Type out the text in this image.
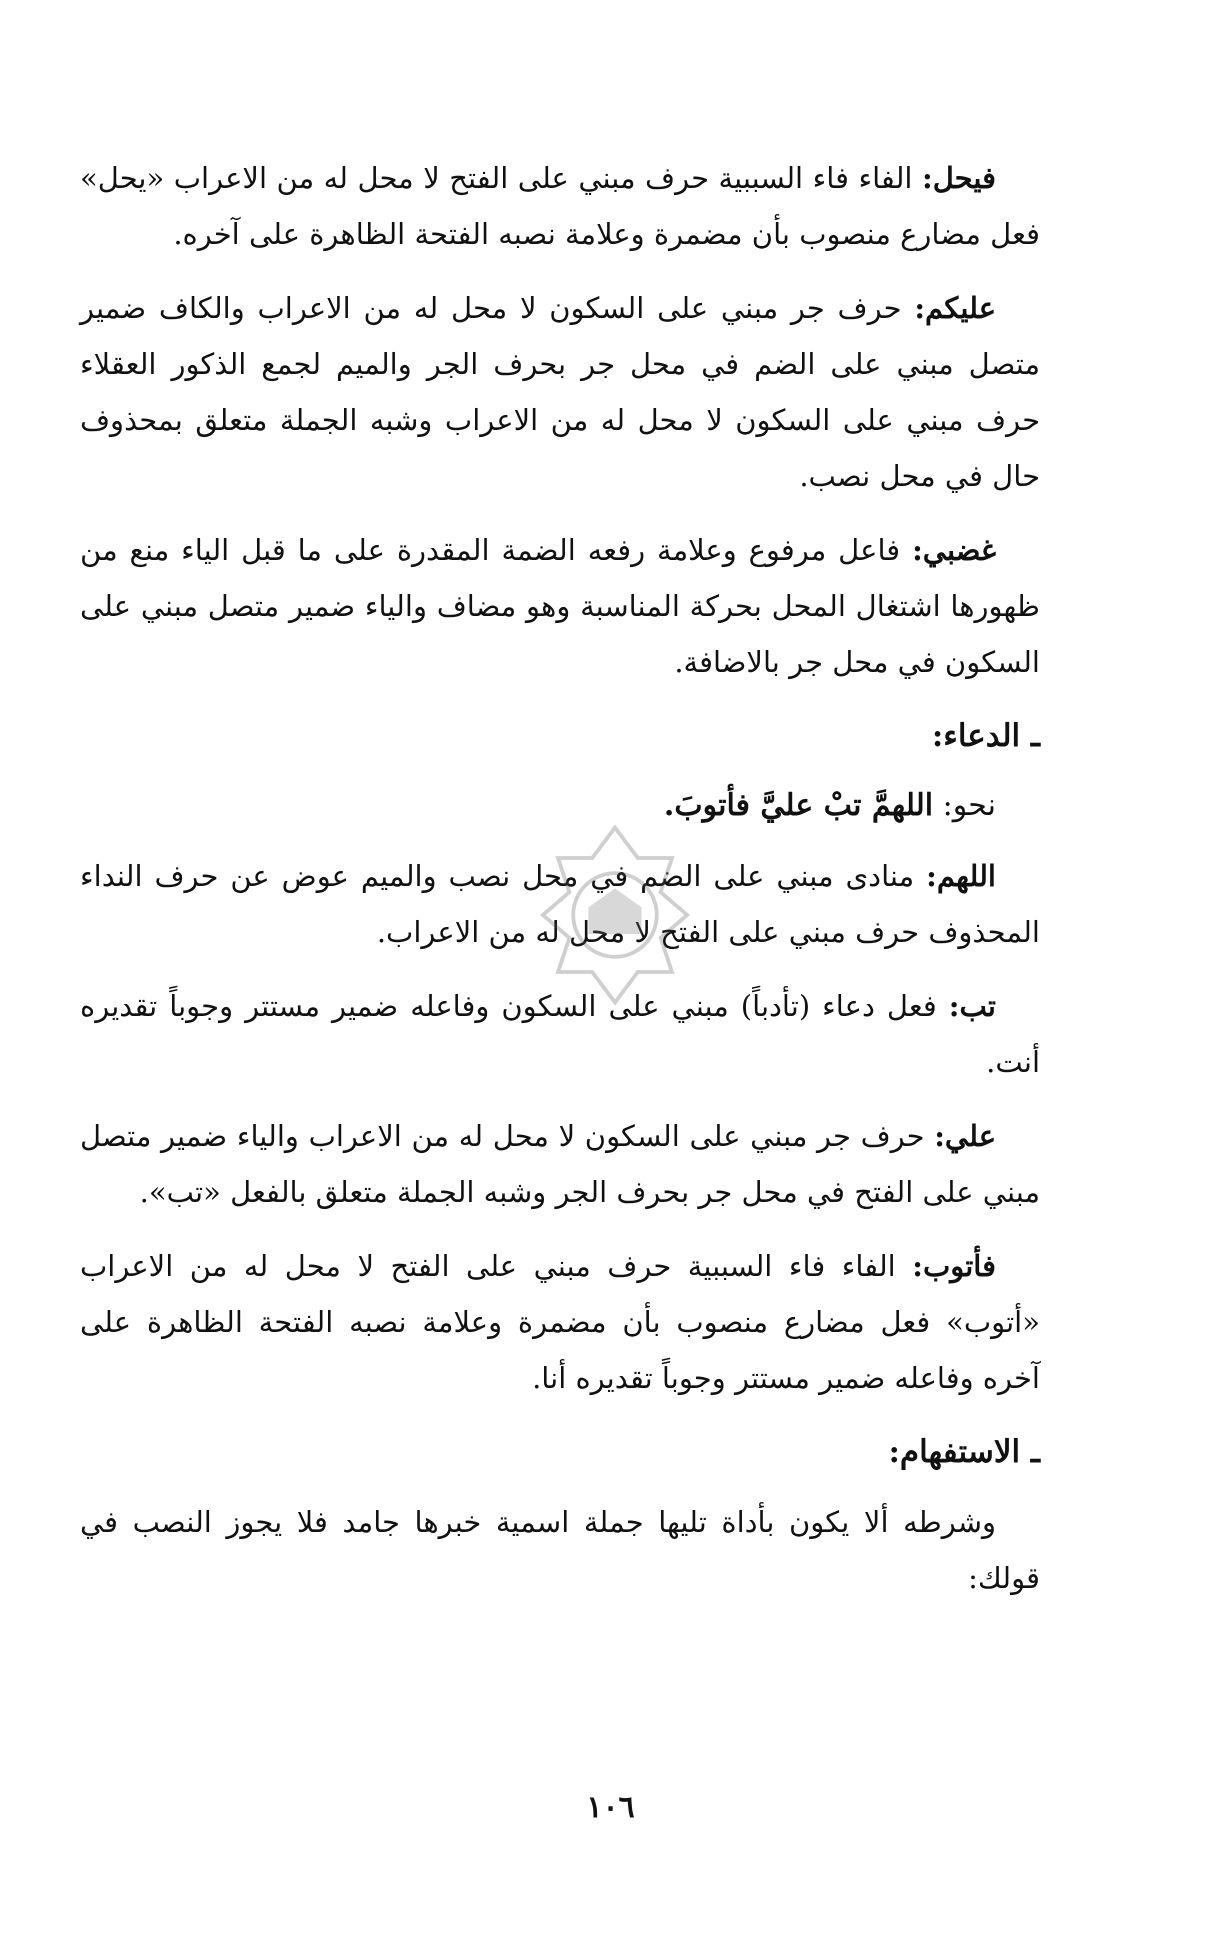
فيحل: الفاء فاء السببية حرف مبني على الفتح لا محل له من الاعراب «يحل» فعل مضارع منصوب بأن مضمرة وعلامة نصبه الفتحة الظاهرة على آخره.

عليكم: حرف جر مبني على السكون لا محل له من الاعراب والكاف ضمير متصل مبني على الضم في محل جر بحرف الجر والميم لجمع الذكور العقلاء حرف مبني على السكون لا محل له من الاعراب وشبه الجملة متعلق بمحذوف حال في محل نصب.

غضبي: فاعل مرفوع وعلامة رفعه الضمة المقدرة على ما قبل الياء منع من ظهورها اشتغال المحل بحركة المناسبة وهو مضاف والياء ضمير متصل مبني على السكون في محل جر بالاضافة.

ـ الدعاء:

نحو: اللهمَّ تبْ عليَّ فأتوبَ.

اللهم: منادى مبني على الضم في محل نصب والميم عوض عن حرف النداء المحذوف حرف مبني على الفتح لا محل له من الاعراب.

تب: فعل دعاء (تأدباً) مبني على السكون وفاعله ضمير مستتر وجوباً تقديره أنت.

علي: حرف جر مبني على السكون لا محل له من الاعراب والياء ضمير متصل مبني على الفتح في محل جر بحرف الجر وشبه الجملة متعلق بالفعل «تب».

فأتوب: الفاء فاء السببية حرف مبني على الفتح لا محل له من الاعراب «أتوب» فعل مضارع منصوب بأن مضمرة وعلامة نصبه الفتحة الظاهرة على آخره وفاعله ضمير مستتر وجوباً تقديره أنا.

ـ الاستفهام:

وشرطه ألا يكون بأداة تليها جملة اسمية خبرها جامد فلا يجوز النصب في قولك:

١٠٦
